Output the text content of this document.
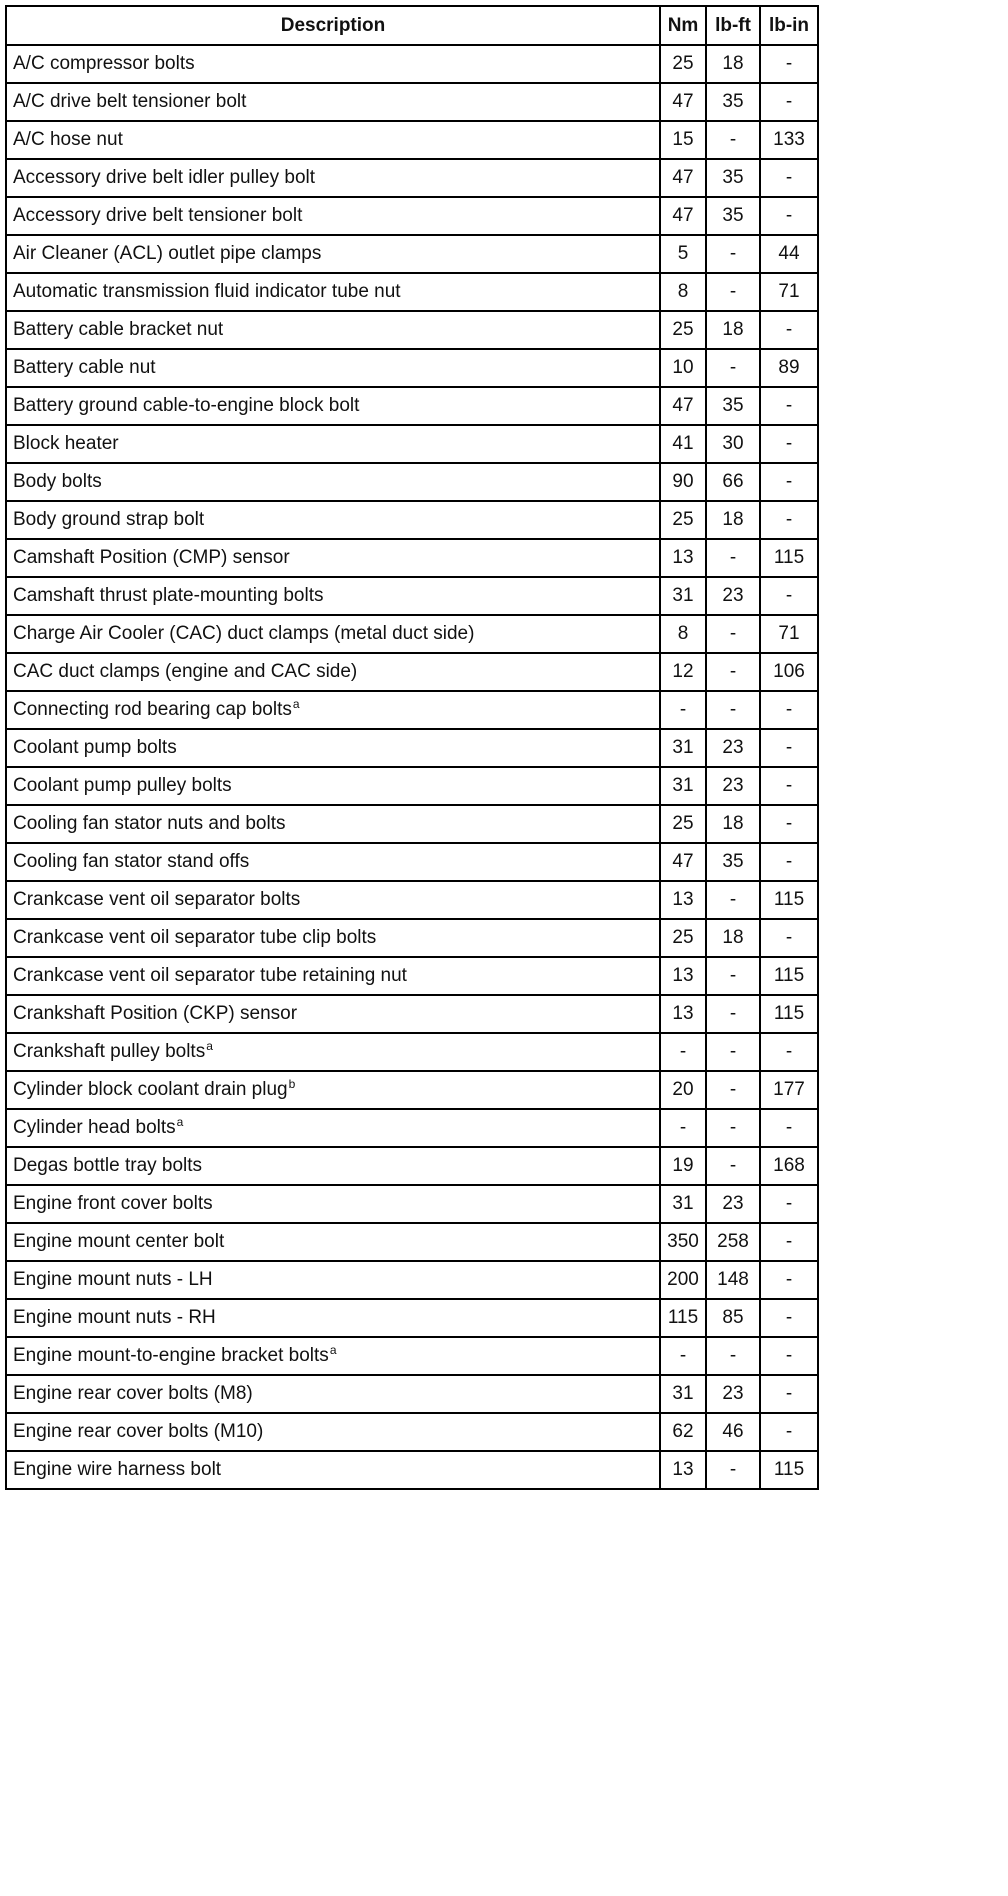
Description	Nm	lb-ft	lb-in
A/C compressor bolts	25	18	-
A/C drive belt tensioner bolt	47	35	-
A/C hose nut	15	-	133
Accessory drive belt idler pulley bolt	47	35	-
Accessory drive belt tensioner bolt	47	35	-
Air Cleaner (ACL) outlet pipe clamps	5	-	44
Automatic transmission fluid indicator tube nut	8	-	71
Battery cable bracket nut	25	18	-
Battery cable nut	10	-	89
Battery ground cable-to-engine block bolt	47	35	-
Block heater	41	30	-
Body bolts	90	66	-
Body ground strap bolt	25	18	-
Camshaft Position (CMP) sensor	13	-	115
Camshaft thrust plate-mounting bolts	31	23	-
Charge Air Cooler (CAC) duct clamps (metal duct side)	8	-	71
CAC duct clamps (engine and CAC side)	12	-	106
Connecting rod bearing cap bolts$^a$	-	-	-
Coolant pump bolts	31	23	-
Coolant pump pulley bolts	31	23	-
Cooling fan stator nuts and bolts	25	18	-
Cooling fan stator stand offs	47	35	-
Crankcase vent oil separator bolts	13	-	115
Crankcase vent oil separator tube clip bolts	25	18	-
Crankcase vent oil separator tube retaining nut	13	-	115
Crankshaft Position (CKP) sensor	13	-	115
Crankshaft pulley bolts$^a$	-	-	-
Cylinder block coolant drain plug$^b$	20	-	177
Cylinder head bolts$^a$	-	-	-
Degas bottle tray bolts	19	-	168
Engine front cover bolts	31	23	-
Engine mount center bolt	350	258	-
Engine mount nuts - LH	200	148	-
Engine mount nuts - RH	115	85	-
Engine mount-to-engine bracket bolts$^a$	-	-	-
Engine rear cover bolts (M8)	31	23	-
Engine rear cover bolts (M10)	62	46	-
Engine wire harness bolt	13	-	115
